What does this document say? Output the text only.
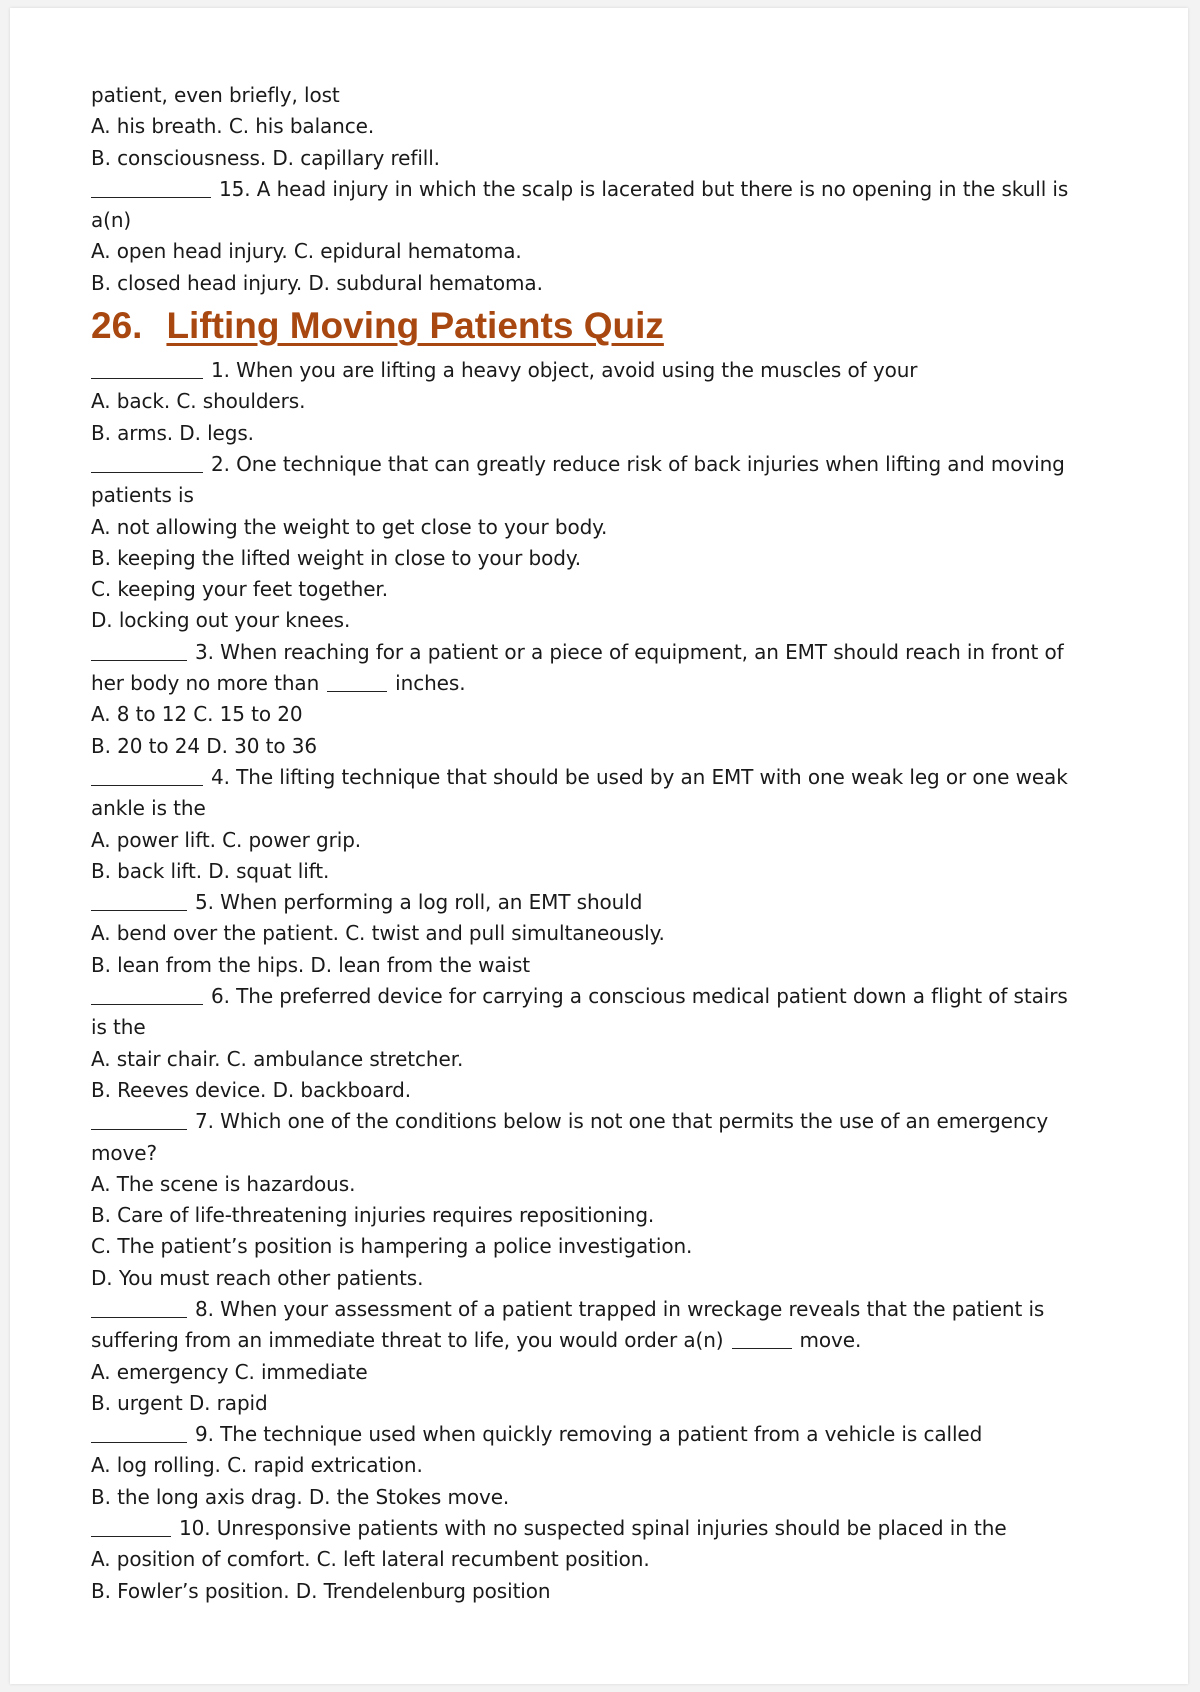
patient, even briefly, lost
A. his breath. C. his balance.
B. consciousness. D. capillary refill.
15. A head injury in which the scalp is lacerated but there is no opening in the skull is
a(n)
A. open head injury. C. epidural hematoma.
B. closed head injury. D. subdural hematoma.
26. Lifting Moving Patients Quiz
1. When you are lifting a heavy object, avoid using the muscles of your
A. back. C. shoulders.
B. arms. D. legs.
2. One technique that can greatly reduce risk of back injuries when lifting and moving
patients is
A. not allowing the weight to get close to your body.
B. keeping the lifted weight in close to your body.
C. keeping your feet together.
D. locking out your knees.
3. When reaching for a patient or a piece of equipment, an EMT should reach in front of
her body no more than	inches.
A. 8 to 12 C. 15 to 20
B. 20 to 24 D. 30 to 36
4. The lifting technique that should be used by an EMT with one weak leg or one weak
ankle is the
A. power lift. C. power grip.
B. back lift. D. squat lift.
5. When performing a log roll, an EMT should
A. bend over the patient. C. twist and pull simultaneously.
B. lean from the hips. D. lean from the waist
6. The preferred device for carrying a conscious medical patient down a flight of stairs
is the
A. stair chair. C. ambulance stretcher.
B. Reeves device. D. backboard.
7. Which one of the conditions below is not one that permits the use of an emergency
move?
A. The scene is hazardous.
B. Care of life-threatening injuries requires repositioning.
C. The patient’s position is hampering a police investigation.
D. You must reach other patients.
8. When your assessment of a patient trapped in wreckage reveals that the patient is
suffering from an immediate threat to life, you would order a(n)	move.
A. emergency C. immediate
B. urgent D. rapid
9. The technique used when quickly removing a patient from a vehicle is called
A. log rolling. C. rapid extrication.
B. the long axis drag. D. the Stokes move.
10. Unresponsive patients with no suspected spinal injuries should be placed in the
A. position of comfort. C. left lateral recumbent position.
B. Fowler’s position. D. Trendelenburg position
